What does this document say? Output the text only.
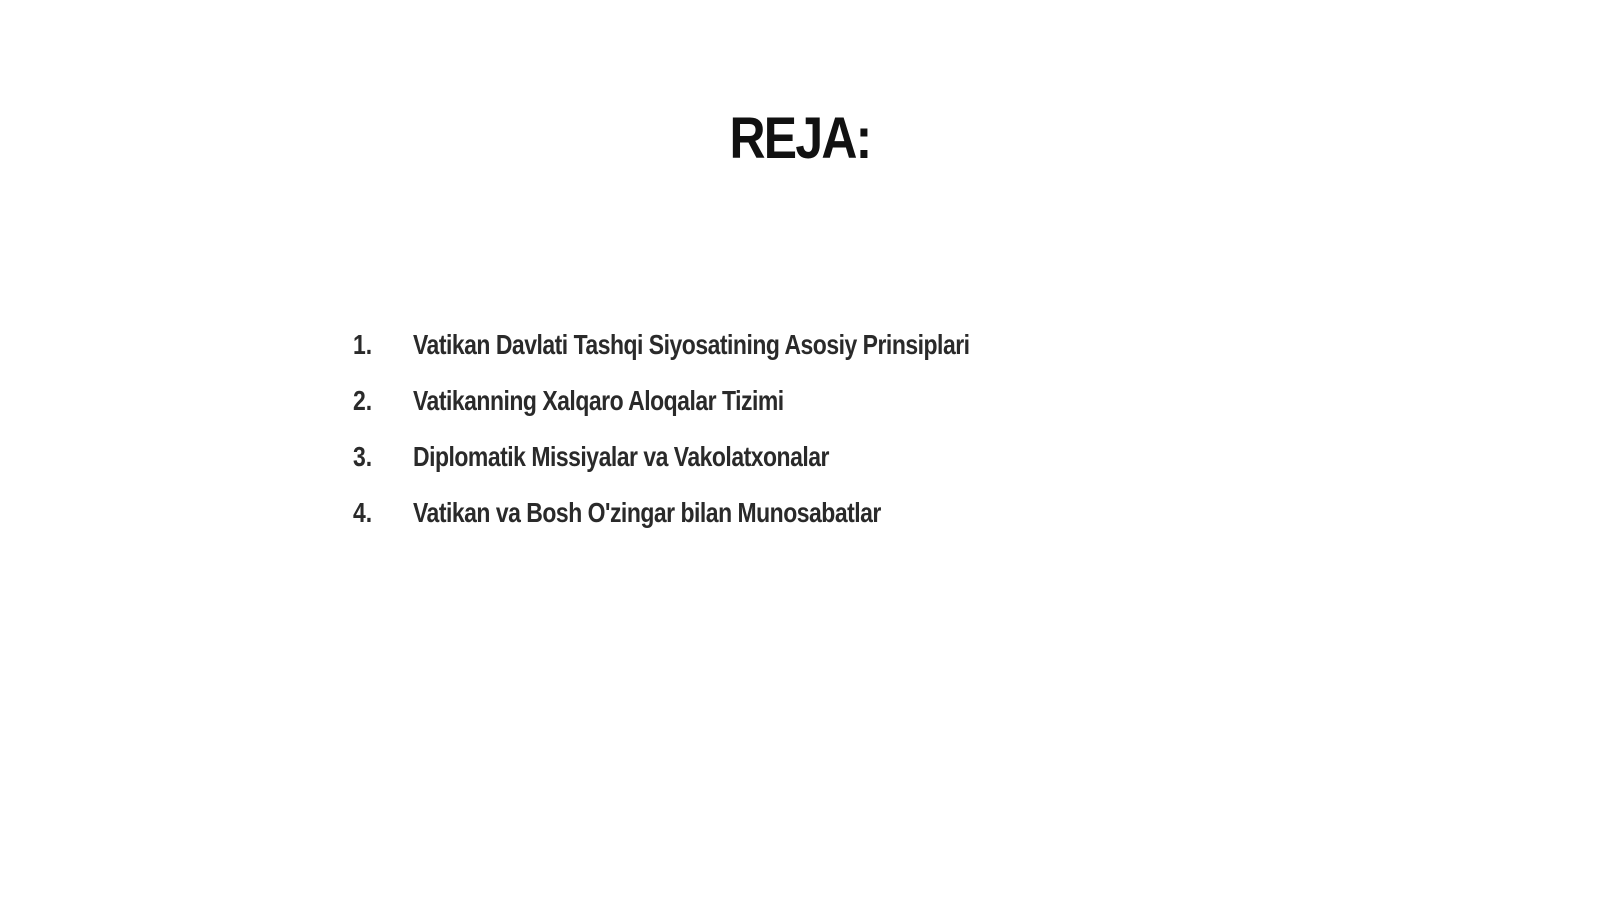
REJA:
1.	Vatikan Davlati Tashqi Siyosatining Asosiy Prinsiplari
2.	Vatikanning Xalqaro Aloqalar Tizimi
3.	Diplomatik Missiyalar va Vakolatxonalar
4.	Vatikan va Bosh O'zingar bilan Munosabatlar
